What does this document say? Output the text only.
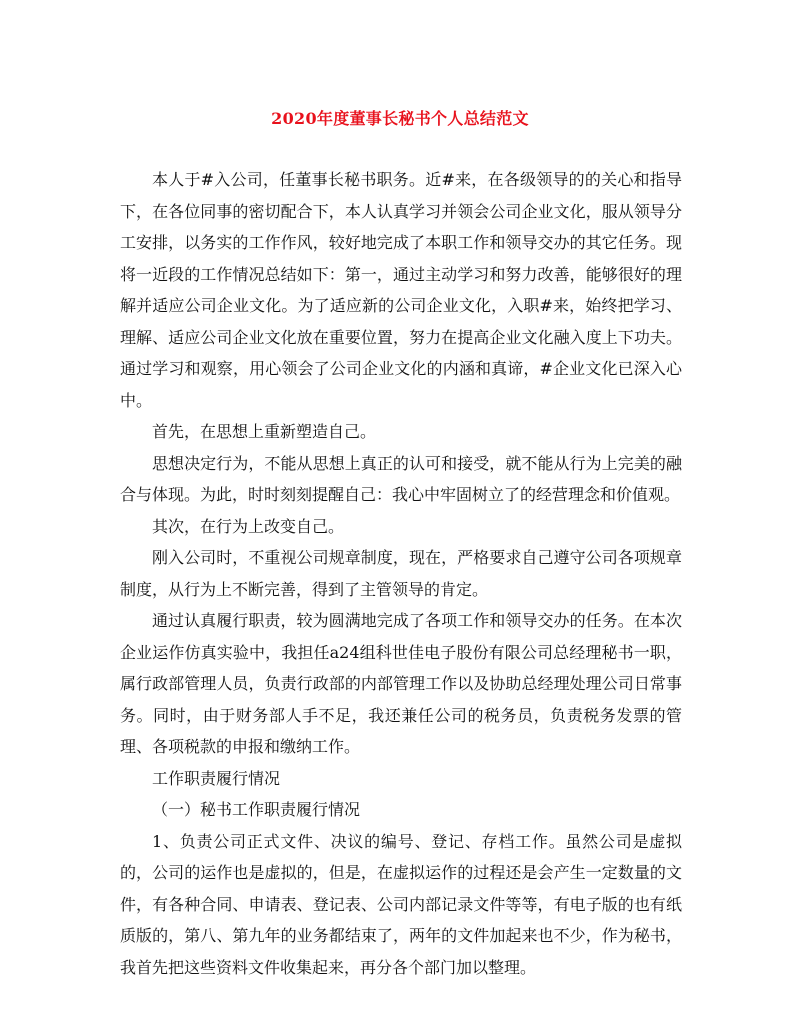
2020年度董事长秘书个人总结范文

本人于#入公司，任董事长秘书职务。近#来，在各级领导的的关心和指导下，在各位同事的密切配合下，本人认真学习并领会公司企业文化，服从领导分工安排，以务实的工作作风，较好地完成了本职工作和领导交办的其它任务。现将一近段的工作情况总结如下：第一，通过主动学习和努力改善，能够很好的理解并适应公司企业文化。为了适应新的公司企业文化，入职#来，始终把学习、理解、适应公司企业文化放在重要位置，努力在提高企业文化融入度上下功夫。通过学习和观察，用心领会了公司企业文化的内涵和真谛，#企业文化已深入心中。

首先，在思想上重新塑造自己。

思想决定行为，不能从思想上真正的认可和接受，就不能从行为上完美的融合与体现。为此，时时刻刻提醒自己：我心中牢固树立了的经营理念和价值观。

其次，在行为上改变自己。

刚入公司时，不重视公司规章制度，现在，严格要求自己遵守公司各项规章制度，从行为上不断完善，得到了主管领导的肯定。

通过认真履行职责，较为圆满地完成了各项工作和领导交办的任务。在本次企业运作仿真实验中，我担任a24组科世佳电子股份有限公司总经理秘书一职，属行政部管理人员，负责行政部的内部管理工作以及协助总经理处理公司日常事务。同时，由于财务部人手不足，我还兼任公司的税务员，负责税务发票的管理、各项税款的申报和缴纳工作。

工作职责履行情况

（一）秘书工作职责履行情况

1、负责公司正式文件、决议的编号、登记、存档工作。虽然公司是虚拟的，公司的运作也是虚拟的，但是，在虚拟运作的过程还是会产生一定数量的文件，有各种合同、申请表、登记表、公司内部记录文件等等，有电子版的也有纸质版的，第八、第九年的业务都结束了，两年的文件加起来也不少，作为秘书，我首先把这些资料文件收集起来，再分各个部门加以整理。
